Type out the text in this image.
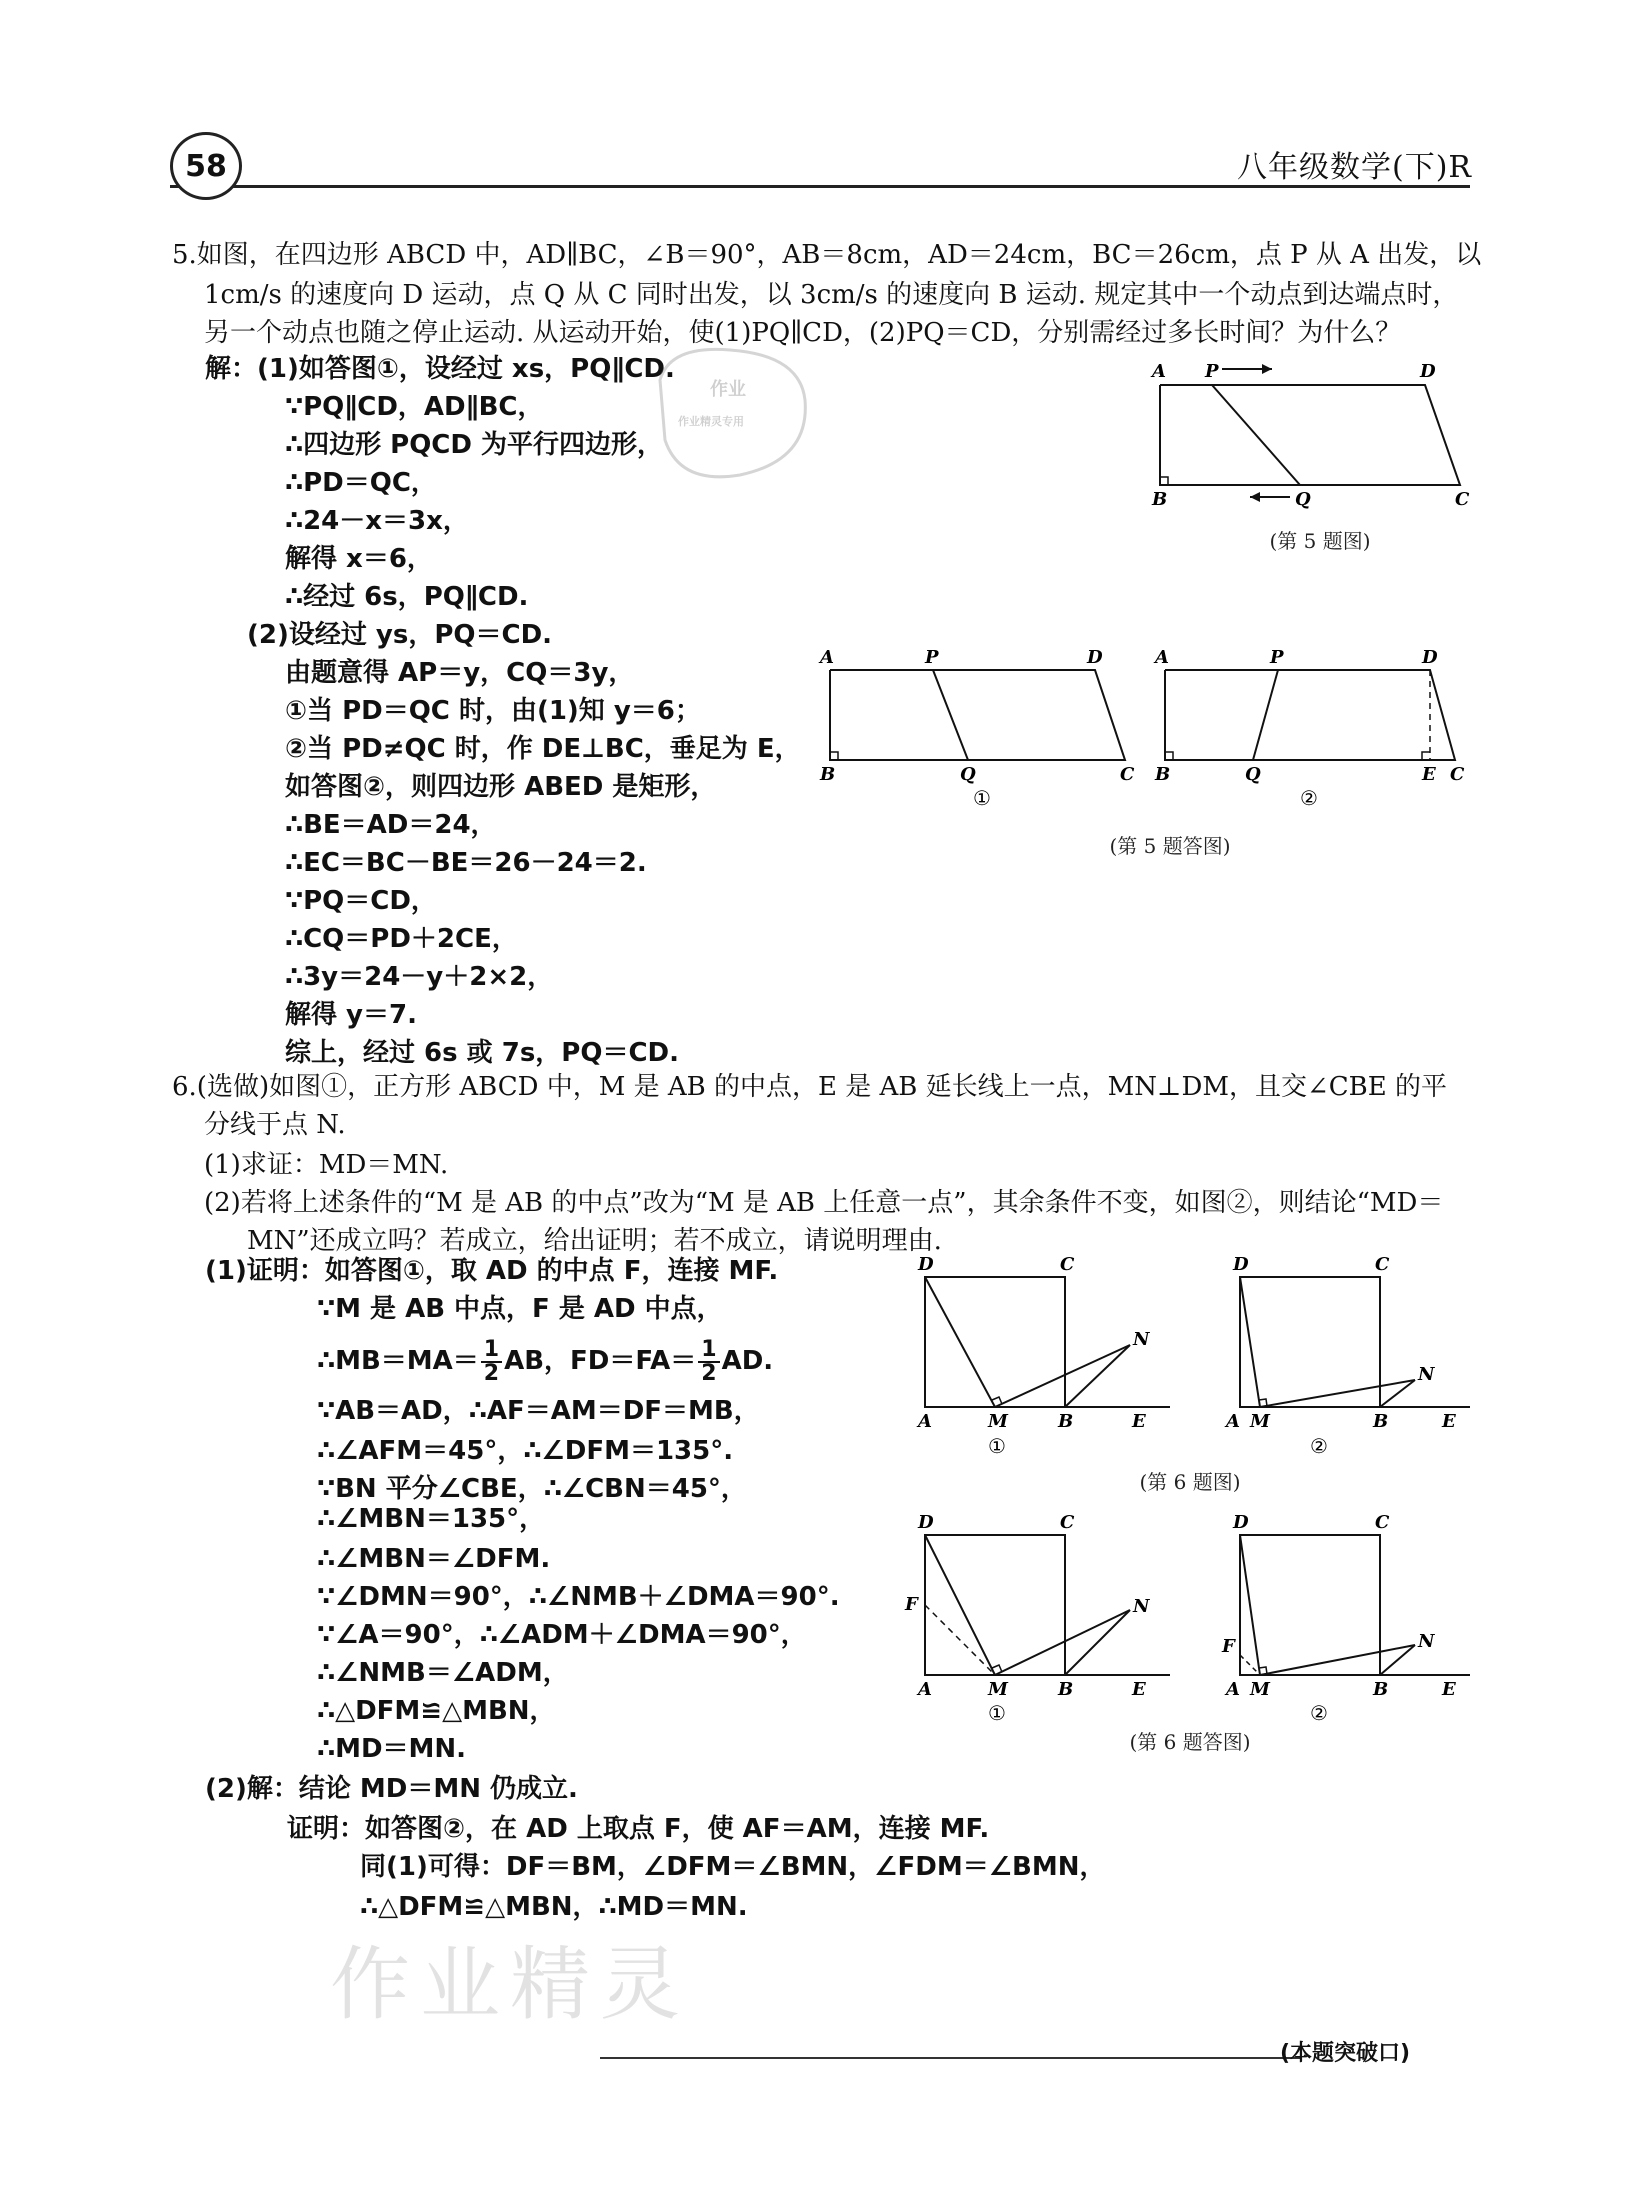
58	八年级数学(下)R
5.如图，在四边形 ABCD 中，AD∥BC，∠B＝90°，AB＝8cm，AD＝24cm，BC＝26cm，点 P 从 A 出发，以
1cm/s 的速度向 D 运动，点 Q 从 C 同时出发，以 3cm/s 的速度向 B 运动. 规定其中一个动点到达端点时，
另一个动点也随之停止运动. 从运动开始，使(1)PQ∥CD，(2)PQ＝CD，分别需经过多长时间？为什么？
解：(1)如答图①，设经过 xs，PQ∥CD.
∵PQ∥CD，AD∥BC，
∴四边形 PQCD 为平行四边形，
∴PD＝QC，
∴24－x＝3x，
解得 x＝6，
∴经过 6s，PQ∥CD.
(2)设经过 ys，PQ＝CD.
由题意得 AP＝y，CQ＝3y，
①当 PD＝QC 时，由(1)知 y＝6；
②当 PD≠QC 时，作 DE⊥BC，垂足为 E，
如答图②，则四边形 ABED 是矩形，
∴BE＝AD＝24，
∴EC＝BC－BE＝26－24＝2.
∵PQ＝CD，
∴CQ＝PD＋2CE，
∴3y＝24－y＋2×2，
解得 y＝7.
综上，经过 6s 或 7s，PQ＝CD.
作业
作业精灵专用
A P	D
B	Q	C
(第 5 题图)
A	P	D
B	Q	C
①
A	P	D
B	Q	E C
②
(第 5 题答图)
6.(选做)如图①，正方形 ABCD 中，M 是 AB 的中点，E 是 AB 延长线上一点，MN⊥DM，且交∠CBE 的平
分线于点 N.
(1)求证：MD＝MN.
(2)若将上述条件的“M 是 AB 的中点”改为“M 是 AB 上任意一点”，其余条件不变，如图②，则结论“MD＝
MN”还成立吗？若成立，给出证明；若不成立，请说明理由.
(1)证明：如答图①，取 AD 的中点 F，连接 MF.
∵M 是 AB 中点，F 是 AD 中点，
∴MB＝MA＝ $\frac{1}{2}$ AB，$FD=FA= \frac{1}{2}$ AD.
∵AB＝AD，∴AF＝AM＝DF＝MB，
∴∠AFM＝45°，∴∠DFM＝135°.
∵BN 平分∠CBE，∴∠CBN＝45°，
∴∠MBN＝135°，
∴∠MBN＝∠DFM.
∵∠DMN＝90°，∴∠NMB＋∠DMA＝90°.
∵∠A＝90°，∴∠ADM＋∠DMA＝90°，
∴∠NMB＝∠ADM，
∴△DFM≌△MBN，
∴MD＝MN.
(2)解：结论 MD＝MN 仍成立.
证明：如答图②，在 AD 上取点 F，使 AF＝AM，连接 MF.
同(1)可得：DF＝BM，∠DFM＝∠BMN，∠FDM＝∠BMN，
∴△DFM≌△MBN，∴MD＝MN.
D	C
N
A	M	B	E
①
D	C
N
A M	B	E
②
(第 6 题图)
D	C
F	N
A	M	B	E
①
D	C
F	N
A M	B	E
②
(第 6 题答图)
作业精灵
(本题突破口)
